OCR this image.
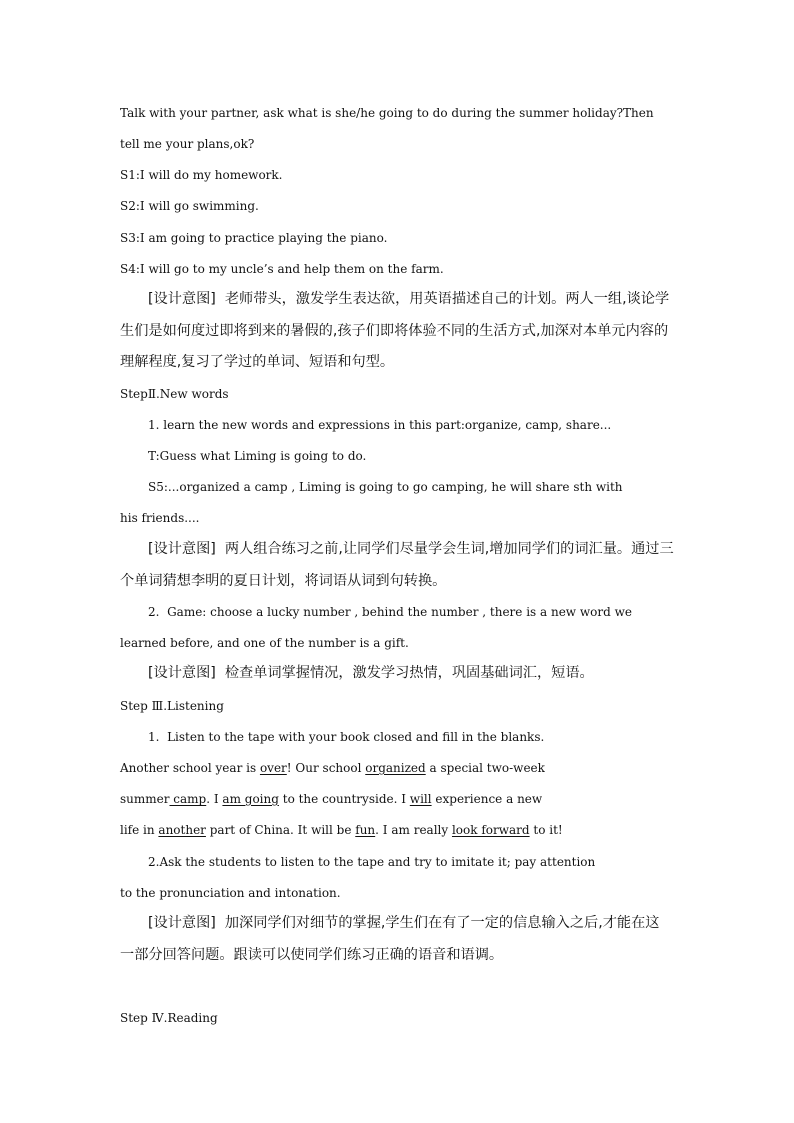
Talk with your partner, ask what is she/he going to do during the summer holiday?Then
tell me your plans,ok?
S1:I will do my homework.
S2:I will go swimming.
S3:I am going to practice playing the piano.
S4:I will go to my uncle’s and help them on the farm.
[设计意图]  老师带头，激发学生表达欲，用英语描述自己的计划。两人一组,谈论学
生们是如何度过即将到来的暑假的,孩子们即将体验不同的生活方式,加深对本单元内容的
理解程度,复习了学过的单词、短语和句型。
StepⅡ.New words
1. learn the new words and expressions in this part:organize, camp, share...
T:Guess what Liming is going to do.
S5:...organized a camp , Liming is going to go camping, he will share sth with
his friends....
[设计意图]  两人组合练习之前,让同学们尽量学会生词,增加同学们的词汇量。通过三
个单词猜想李明的夏日计划，将词语从词到句转换。
2.  Game: choose a lucky number , behind the number , there is a new word we
learned before, and one of the number is a gift.
[设计意图]  检查单词掌握情况，激发学习热情，巩固基础词汇，短语。
Step Ⅲ.Listening
1.  Listen to the tape with your book closed and fill in the blanks.
Another school year is over! Our school organized a special two-week
summer camp. I am going to the countryside. I will experience a new
life in another part of China. It will be fun. I am really look forward to it!
2.Ask the students to listen to the tape and try to imitate it; pay attention
to the pronunciation and intonation.
[设计意图]  加深同学们对细节的掌握,学生们在有了一定的信息输入之后,才能在这
一部分回答问题。跟读可以使同学们练习正确的语音和语调。
Step Ⅳ.Reading
